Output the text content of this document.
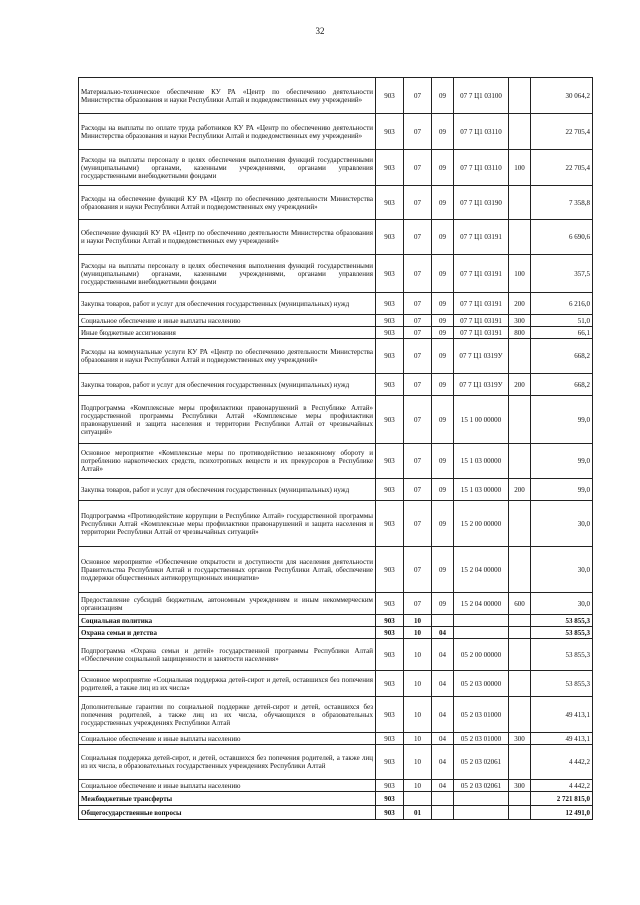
32
Материально-техническое обеспечение КУ РА «Центр по обеспечению деятельности Министерства образования и науки Республики Алтай и подведомственных ему учреждений»	903	07	09	07 7 Ц1 03100		30 064,2
Расходы на выплаты по оплате труда работников КУ РА «Центр по обеспечению деятельности Министерства образования и науки Республики Алтай и подведомственных ему учреждений»	903	07	09	07 7 Ц1 03110		22 705,4
Расходы на выплаты персоналу в целях обеспечения выполнения функций государственными (муниципальными) органами, казенными учреждениями, органами управления государственными внебюджетными фондами	903	07	09	07 7 Ц1 03110	100	22 705,4
Расходы на обеспечение функций КУ РА «Центр по обеспечению деятельности Министерства образования и науки Республики Алтай и подведомственных ему учреждений»	903	07	09	07 7 Ц1 03190		7 358,8
Обеспечение функций КУ РА «Центр по обеспечению деятельности Министерства образования и науки Республики Алтай и подведомственных ему учреждений»	903	07	09	07 7 Ц1 03191		6 690,6
Расходы на выплаты персоналу в целях обеспечения выполнения функций государственными (муниципальными) органами, казенными учреждениями, органами управления государственными внебюджетными фондами	903	07	09	07 7 Ц1 03191	100	357,5
Закупка товаров, работ и услуг для обеспечения государственных (муниципальных) нужд	903	07	09	07 7 Ц1 03191	200	6 216,0
Социальное обеспечение и иные выплаты населению	903	07	09	07 7 Ц1 03191	300	51,0
Иные бюджетные ассигнования	903	07	09	07 7 Ц1 03191	800	66,1
Расходы на коммунальные услуги КУ РА «Центр по обеспечению деятельности Министерства образования и науки Республики Алтай и подведомственных ему учреждений»	903	07	09	07 7 Ц1 0319У		668,2
Закупка товаров, работ и услуг для обеспечения государственных (муниципальных) нужд	903	07	09	07 7 Ц1 0319У	200	668,2
Подпрограмма «Комплексные меры профилактики правонарушений в Республике Алтай» государственной программы Республики Алтай «Комплексные меры профилактики правонарушений и защита населения и территории Республики Алтай от чрезвычайных ситуаций»	903	07	09	15 1 00 00000		99,0
Основное мероприятие «Комплексные меры по противодействию незаконному обороту и потреблению наркотических средств, психотропных веществ и их прекурсоров в Республике Алтай»	903	07	09	15 1 03 00000		99,0
Закупка товаров, работ и услуг для обеспечения государственных (муниципальных) нужд	903	07	09	15 1 03 00000	200	99,0
Подпрограмма «Противодействие коррупции в Республике Алтай» государственной программы Республики Алтай «Комплексные меры профилактики правонарушений и защита населения и территории Республики Алтай от чрезвычайных ситуаций»	903	07	09	15 2 00 00000		30,0
Основное мероприятие «Обеспечение открытости и доступности для населения деятельности Правительства Республики Алтай и государственных органов Республики Алтай, обеспечение поддержки общественных антикоррупционных инициатив»	903	07	09	15 2 04 00000		30,0
Предоставление субсидий бюджетным, автономным учреждениям и иным некоммерческим организациям	903	07	09	15 2 04 00000	600	30,0
Социальная политика	903	10				53 855,3
Охрана семьи и детства	903	10	04			53 855,3
Подпрограмма «Охрана семьи и детей» государственной программы Республики Алтай «Обеспечение социальной защищенности и занятости населения»	903	10	04	05 2 00 00000		53 855,3
Основное мероприятие «Социальная поддержка детей-сирот и детей, оставшихся без попечения родителей, а также лиц из их числа»	903	10	04	05 2 03 00000		53 855,3
Дополнительные гарантии по социальной поддержке детей-сирот и детей, оставшихся без попечения родителей, а также лиц из их числа, обучающихся в образовательных государственных учреждениях Республики Алтай	903	10	04	05 2 03 01000		49 413,1
Социальное обеспечение и иные выплаты населению	903	10	04	05 2 03 01000	300	49 413,1
Социальная поддержка детей-сирот, и детей, оставшихся без попечения родителей, а также лиц из их числа, в образовательных государственных учреждениях Республики Алтай	903	10	04	05 2 03 02061		4 442,2
Социальное обеспечение и иные выплаты населению	903	10	04	05 2 03 02061	300	4 442,2
Межбюджетные трансферты	903					2 721 815,0
Общегосударственные вопросы	903	01				12 491,0
